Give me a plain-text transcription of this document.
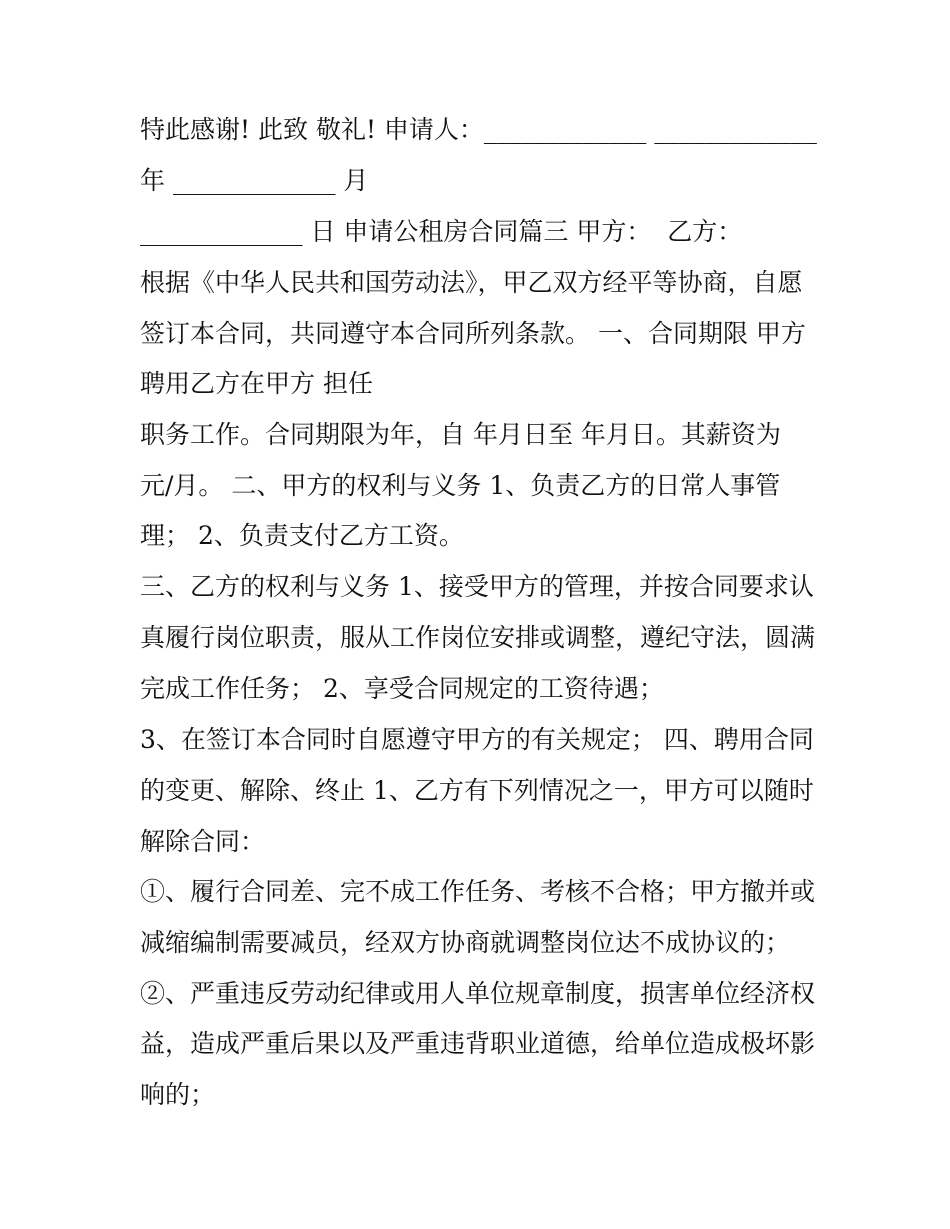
特此感谢! 此致 敬礼! 申请人：_____________ _____________
年 _____________ 月
_____________ 日 申请公租房合同篇三 甲方：  乙方：
根据《中华人民共和国劳动法》，甲乙双方经平等协商，自愿
签订本合同，共同遵守本合同所列条款。 一、合同期限 甲方
聘用乙方在甲方 担任
职务工作。合同期限为年，自 年月日至 年月日。其薪资为
元/月。 二、甲方的权利与义务 1、负责乙方的日常人事管
理； 2、负责支付乙方工资。
三、乙方的权利与义务 1、接受甲方的管理，并按合同要求认
真履行岗位职责，服从工作岗位安排或调整，遵纪守法，圆满
完成工作任务； 2、享受合同规定的工资待遇；
3、在签订本合同时自愿遵守甲方的有关规定； 四、聘用合同
的变更、解除、终止 1、乙方有下列情况之一，甲方可以随时
解除合同：
①、履行合同差、完不成工作任务、考核不合格；甲方撤并或
减缩编制需要减员，经双方协商就调整岗位达不成协议的；
②、严重违反劳动纪律或用人单位规章制度，损害单位经济权
益，造成严重后果以及严重违背职业道德，给单位造成极坏影
响的；
